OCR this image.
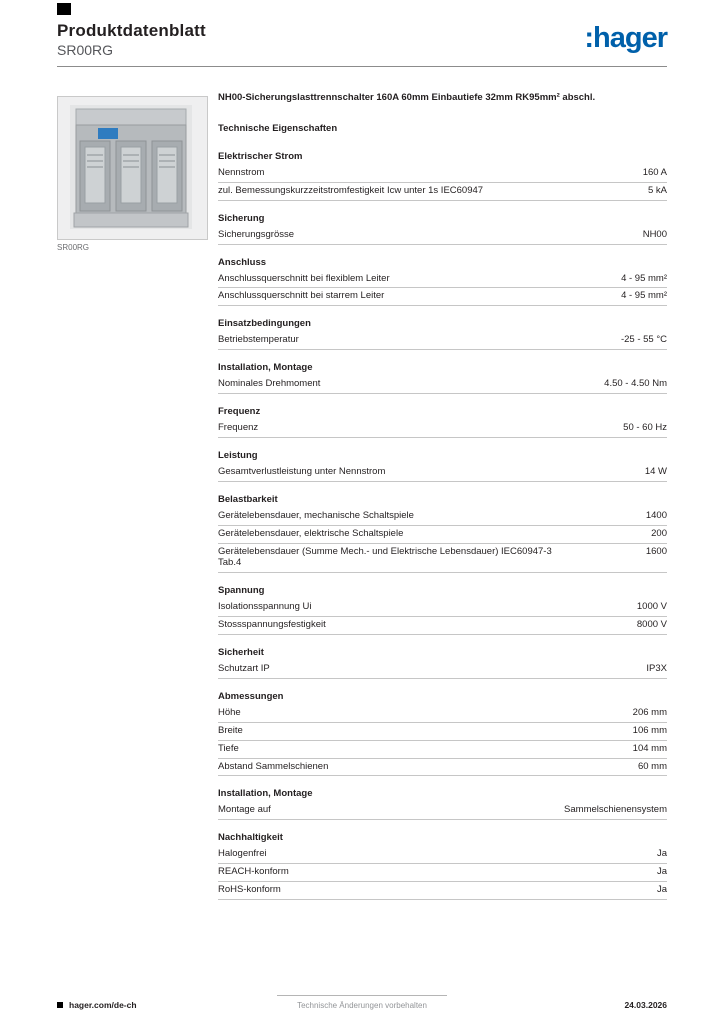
Produktdatenblatt
SR00RG	:hager
SR00RG
NH00-Sicherungslasttrennschalter 160A 60mm Einbautiefe 32mm RK95mm² abschl.
Technische Eigenschaften
Elektrischer Strom
Nennstrom	160 A
zul. Bemessungskurzzeitstromfestigkeit Icw unter 1s IEC60947	5 kA
Sicherung
Sicherungsgrösse	NH00
Anschluss
Anschlussquerschnitt bei flexiblem Leiter	4 - 95 mm²
Anschlussquerschnitt bei starrem Leiter	4 - 95 mm²
Einsatzbedingungen
Betriebstemperatur	-25 - 55 °C
Installation, Montage
Nominales Drehmoment	4.50 - 4.50 Nm
Frequenz
Frequenz	50 - 60 Hz
Leistung
Gesamtverlustleistung unter Nennstrom	14 W
Belastbarkeit
Gerätelebensdauer, mechanische Schaltspiele	1400
Gerätelebensdauer, elektrische Schaltspiele	200
Gerätelebensdauer (Summe Mech.- und Elektrische Lebensdauer) IEC60947-3 Tab.4
1600
Spannung
Isolationsspannung Ui	1000 V
Stossspannungsfestigkeit	8000 V
Sicherheit
Schutzart IP	IP3X
Abmessungen
Höhe	206 mm
Breite	106 mm
Tiefe	104 mm
Abstand Sammelschienen	60 mm
Installation, Montage
Montage auf	Sammelschienensystem
Nachhaltigkeit
Halogenfrei	Ja
REACH-konform	Ja
RoHS-konform	Ja
Technische Änderungen vorbehalten
hager.com/de-ch	24.03.2026
